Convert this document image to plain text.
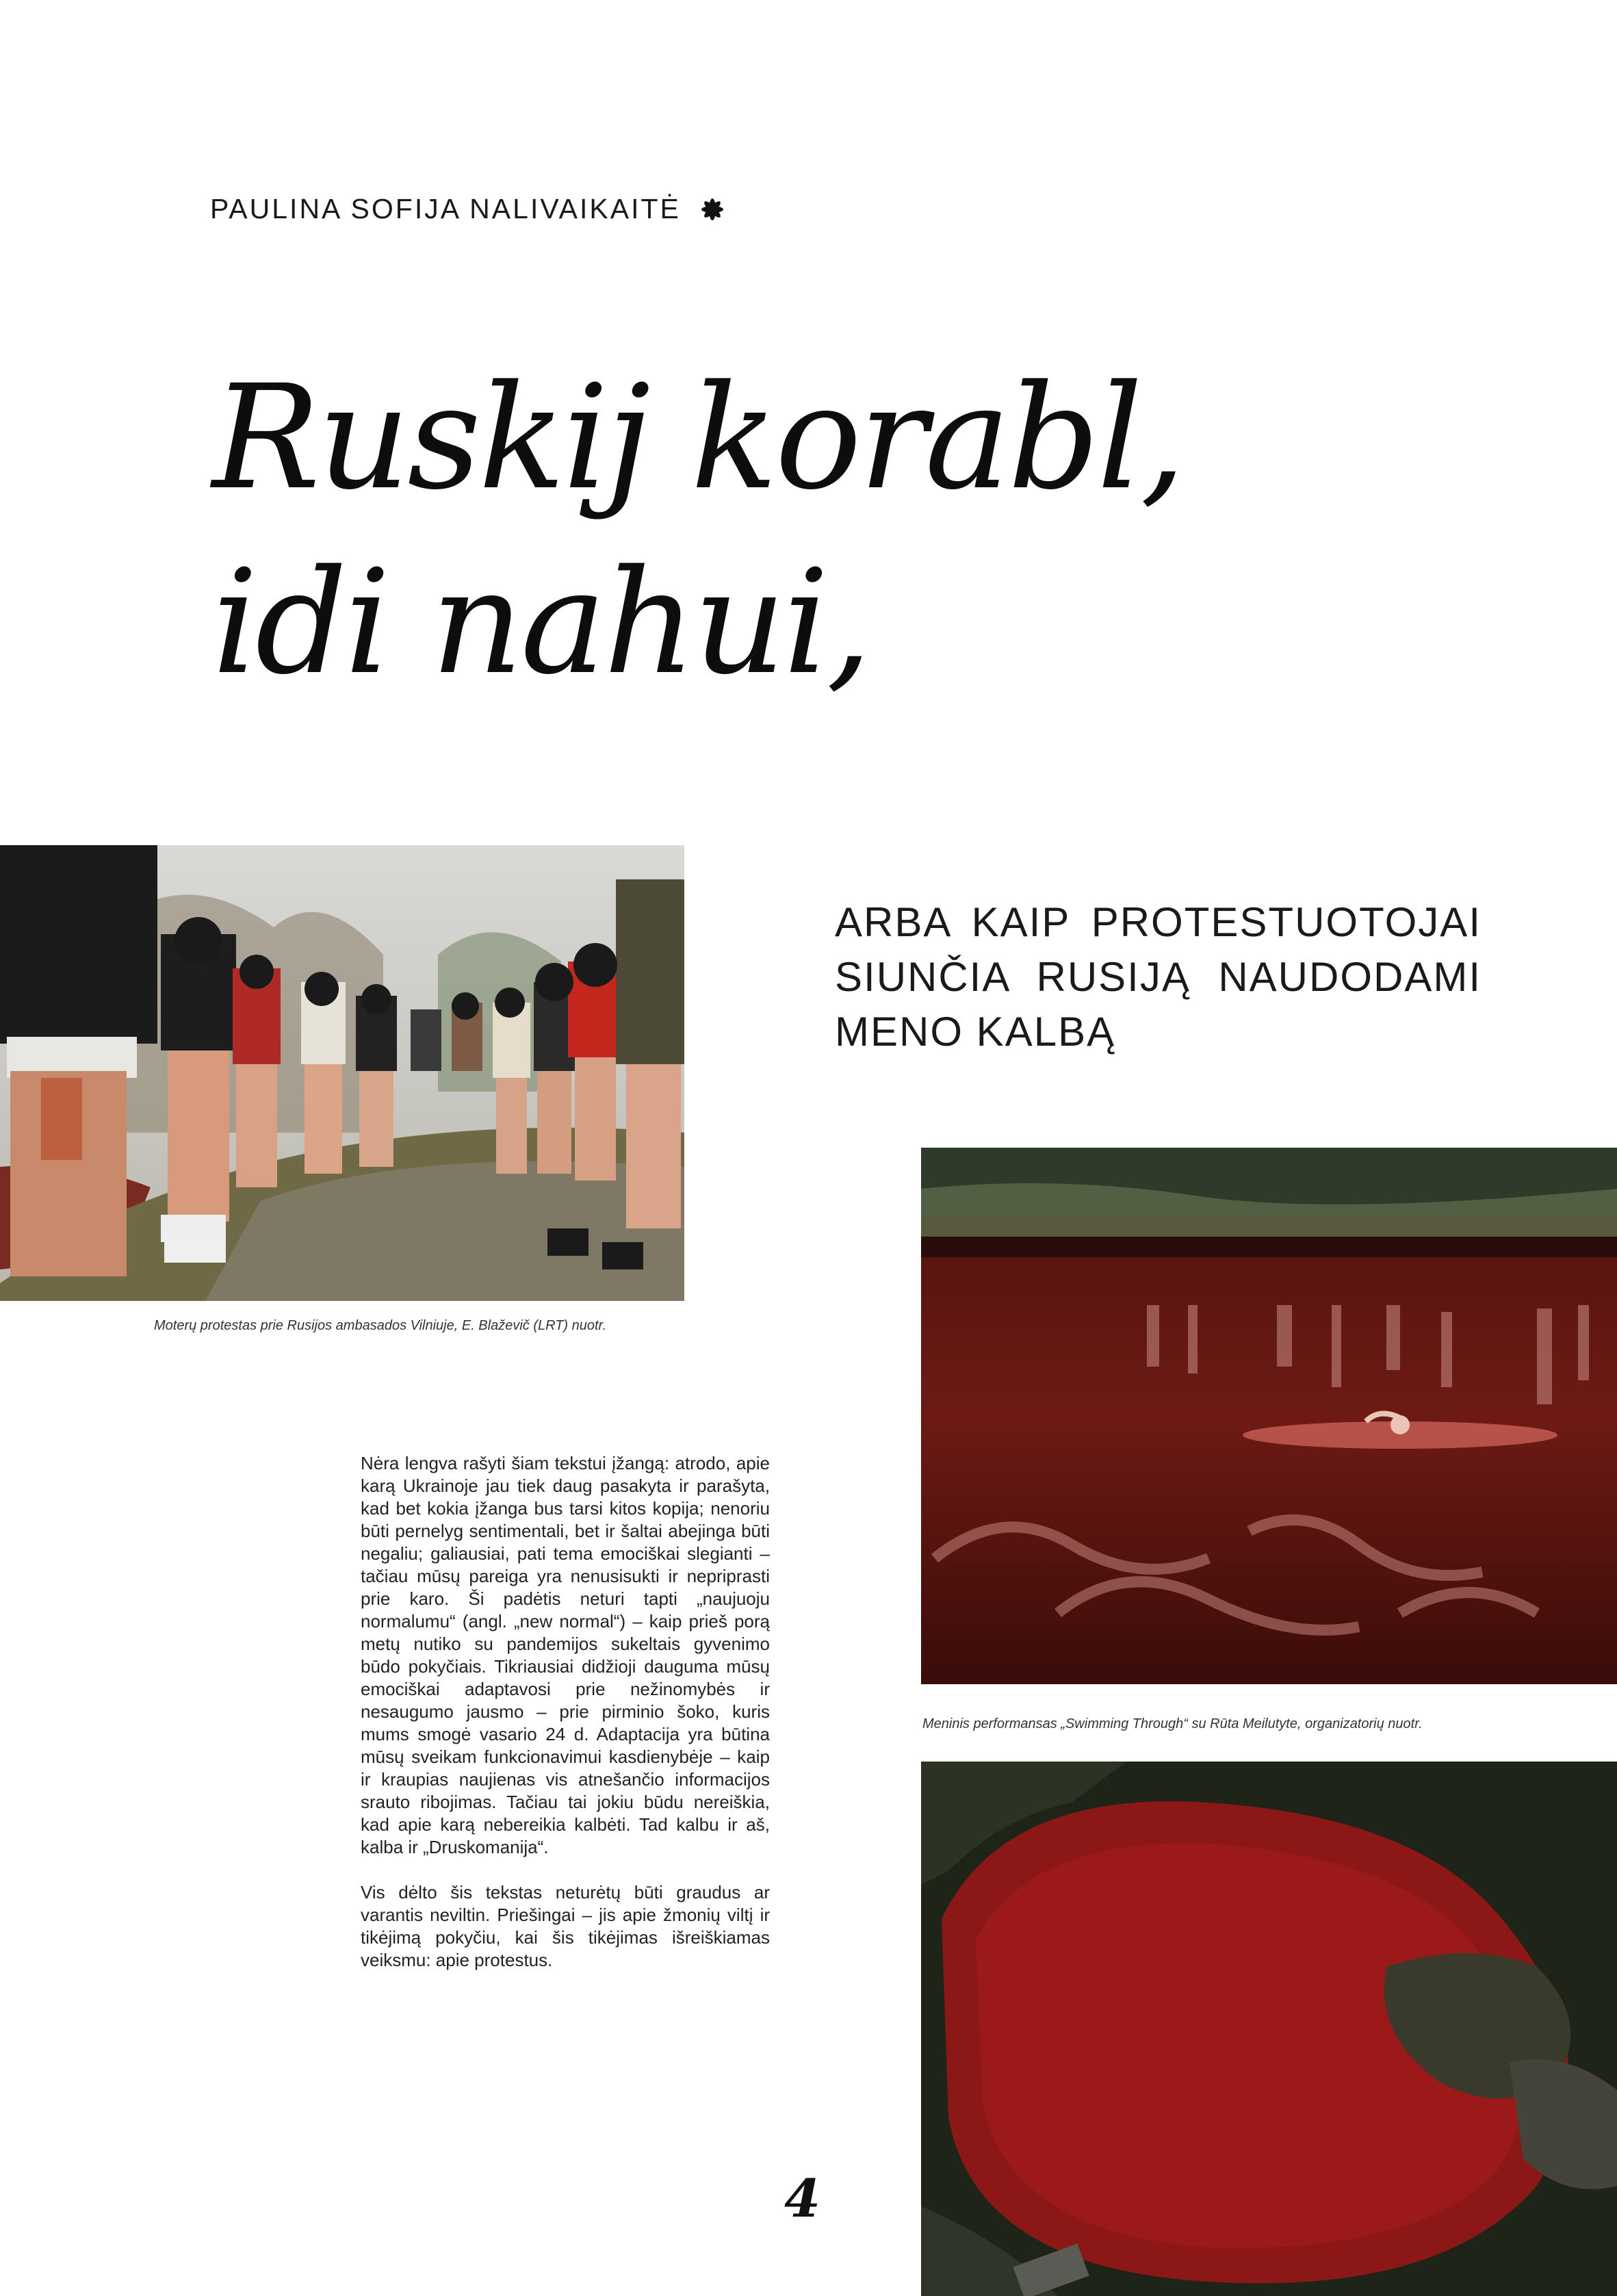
PAULINA SOFIJA NALIVAIKAITĖ
Ruskij korabl,
idi nahui,
ARBA KAIP PROTESTUOTOJAI SIUNČIA RUSIJĄ NAUDODAMI MENO KALBĄ
Moterų protestas prie Rusijos ambasados Vilniuje, E. Blaževič (LRT) nuotr.
Meninis performansas „Swimming Through“ su Rūta Meilutyte, organizatorių nuotr.

Nėra lengva rašyti šiam tekstui įžangą: atrodo, apie karą Ukrainoje jau tiek daug pasakyta ir parašyta, kad bet kokia įžanga bus tarsi kitos kopija; nenoriu būti pernelyg sentimentali, bet ir šaltai abejinga būti negaliu; galiausiai, pati tema emociškai slegianti – tačiau mūsų pareiga yra nenusisukti ir nepriprasti prie karo. Ši padėtis neturi tapti „naujuoju normalumu“ (angl. „new normal“) – kaip prieš porą metų nutiko su pandemijos sukeltais gyvenimo būdo pokyčiais. Tikriausiai didžioji dauguma mūsų emociškai adaptavosi prie nežinomybės ir nesaugumo jausmo – prie pirminio šoko, kuris mums smogė vasario 24 d. Adaptacija yra būtina mūsų sveikam funkcionavimui kasdienybėje – kaip ir kraupias naujienas vis atnešančio informacijos srauto ribojimas. Tačiau tai jokiu būdu nereiškia, kad apie karą nebereikia kalbėti. Tad kalbu ir aš, kalba ir „Druskomanija“.

Vis dėlto šis tekstas neturėtų būti graudus ar varantis neviltin. Priešingai – jis apie žmonių viltį ir tikėjimą pokyčiu, kai šis tikėjimas išreiškiamas veiksmu: apie protestus.

4
